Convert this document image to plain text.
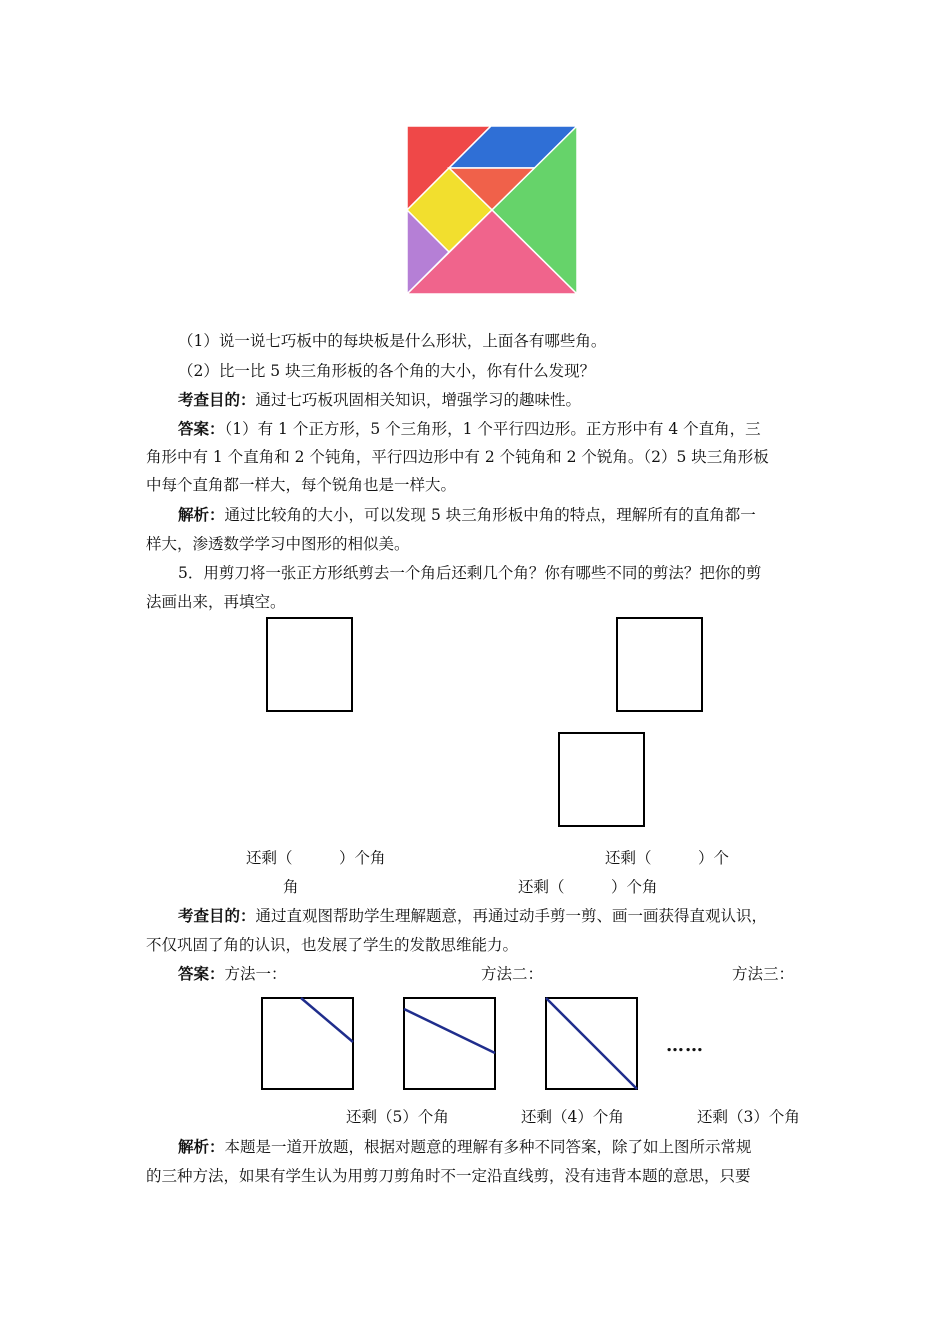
（1）说一说七巧板中的每块板是什么形状，上面各有哪些角。
（2）比一比 5 块三角形板的各个角的大小，你有什么发现？
考查目的：通过七巧板巩固相关知识，增强学习的趣味性。
答案：（1）有 1 个正方形，5 个三角形，1 个平行四边形。正方形中有 4 个直角，三
角形中有 1 个直角和 2 个钝角，平行四边形中有 2 个钝角和 2 个锐角。（2）5 块三角形板
中每个直角都一样大，每个锐角也是一样大。
解析：通过比较角的大小，可以发现 5 块三角形板中角的特点，理解所有的直角都一
样大，渗透数学学习中图形的相似美。
5．用剪刀将一张正方形纸剪去一个角后还剩几个角？你有哪些不同的剪法？把你的剪
法画出来，再填空。
还剩（　　　）个角	还剩（　　　）个
角	还剩（　　　）个角
考查目的：通过直观图帮助学生理解题意，再通过动手剪一剪、画一画获得直观认识，
不仅巩固了角的认识，也发展了学生的发散思维能力。
答案：方法一：	方法二：	方法三：
……
还剩（5）个角	还剩（4）个角	还剩（3）个角
解析：本题是一道开放题，根据对题意的理解有多种不同答案，除了如上图所示常规
的三种方法，如果有学生认为用剪刀剪角时不一定沿直线剪，没有违背本题的意思，只要
